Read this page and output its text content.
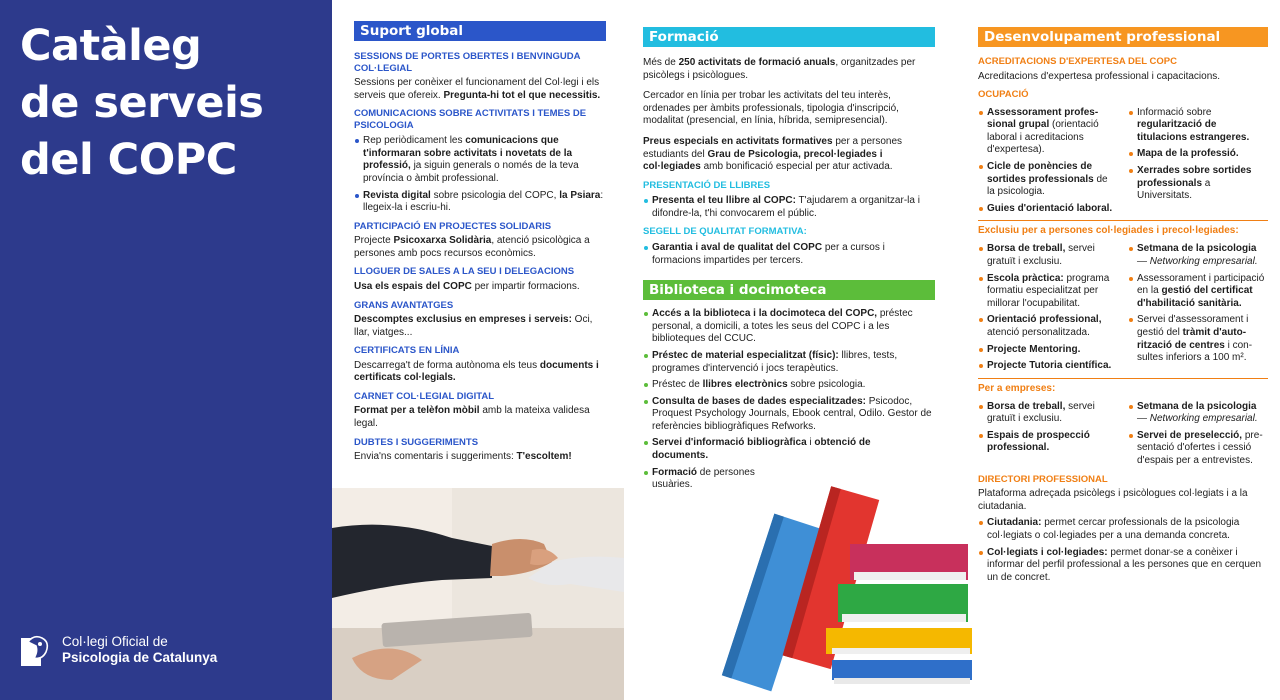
Catàleg
de serveis
del COPC
Col·legi Oficial de
Psicologia de Catalunya
Suport global
SESSIONS DE PORTES OBERTES I BENVINGUDA COL·LEGIAL

Sessions per conèixer el funcionament del Col·legi i els serveis que ofereix. Pregunta-hi tot el que necessitis.

COMUNICACIONS SOBRE ACTIVITATS I TEMES DE PSICOLOGIA
Rep periòdicament les comunicacions que t'informaran sobre activitats i novetats de la professió, ja siguin generals o només de la teva província o àmbit professional.
Revista digital sobre psicologia del COPC, la Psiara: llegeix-la i escriu-hi.
PARTICIPACIÓ EN PROJECTES SOLIDARIS

Projecte Psicoxarxa Solidària, atenció psicològica a persones amb pocs recursos econòmics.

LLOGUER DE SALES A LA SEU I DELEGACIONS

Usa els espais del COPC per impartir formacions.

GRANS AVANTATGES

Descomptes exclusius en empreses i serveis: Oci, llar, viatges...

CERTIFICATS EN LÍNIA

Descarrega't de forma autònoma els teus documents i certificats col·legials.

CARNET COL·LEGIAL DIGITAL

Format per a telèfon mòbil amb la mateixa validesa legal.

DUBTES I SUGGERIMENTS

Envia'ns comentaris i suggeriments: T'escoltem!

Formació

Més de 250 activitats de formació anuals, organitzades per psicòlegs i psicòlogues.

Cercador en línia per trobar les activitats del teu interès, ordenades per àmbits professionals, tipologia d'inscripció, modalitat (presencial, en línia, híbrida, semipresencial).

Preus especials en activitats formatives per a persones estudiants del Grau de Psicologia, precol·legiades i col·legiades amb bonificació especial per atur activada.

PRESENTACIÓ DE LLIBRES
Presenta el teu llibre al COPC: T'ajudarem a organitzar-la i difondre-la, t'hi convocarem el públic.
SEGELL DE QUALITAT FORMATIVA:
Garantia i aval de qualitat del COPC per a cursos i formacions impartides per tercers.
Biblioteca i docimoteca
Accés a la biblioteca i la docimoteca del COPC, préstec personal, a domicili, a totes les seus del COPC i a les biblioteques del CCUC.
Préstec de material especialitzat (físic): llibres, tests, programes d'intervenció i jocs terapèutics.
Préstec de llibres electrònics sobre psicologia.
Consulta de bases de dades especialitzades: Psicodoc, Proquest Psychology Journals, Ebook central, Odilo. Gestor de referències bibliogràfiques Refworks.
Servei d'informació bibliogràfica i obtenció de documents.
Formació de persones usuàries.
Desenvolupament professional
ACREDITACIONS D'EXPERTESA DEL COPC

Acreditacions d'expertesa professional i capacitacions.

OCUPACIÓ
Assessorament professional grupal (orientació laboral i acreditacions d'expertesa).
Cicle de ponències de sortides professionals de la psicologia.
Guies d'orientació laboral.
Informació sobre regularització de titulacions estrangeres.
Mapa de la professió.
Xerrades sobre sortides professionals a Universitats.
Exclusiu per a persones col·legiades i precol·legiades:
Borsa de treball, servei gratuït i exclusiu.
Escola pràctica: programa formatiu especialitzat per millorar l'ocupabilitat.
Orientació professional, atenció personalitzada.
Projecte Mentoring.
Projecte Tutoria científica.
Setmana de la psicologia — Networking empresarial.
Assessorament i participació en la gestió del certificat d'habilitació sanitària.
Servei d'assessorament i gestió del tràmit d'autorització de centres i consultes inferiors a 100 m².
Per a empreses:
Borsa de treball, servei gratuït i exclusiu.
Espais de prospecció professional.
Setmana de la psicologia — Networking empresarial.
Servei de preselecció, presentació d'ofertes i cessió d'espais per a entrevistes.
DIRECTORI PROFESSIONAL

Plataforma adreçada psicòlegs i psicòlogues col·legiats i a la ciutadania.

Ciutadania: permet cercar professionals de la psicologia col·legiats o col·legiades per a una demanda concreta.
Col·legiats i col·legiades: permet donar-se a conèixer i informar del perfil professional a les persones que en cerquen un de concret.
